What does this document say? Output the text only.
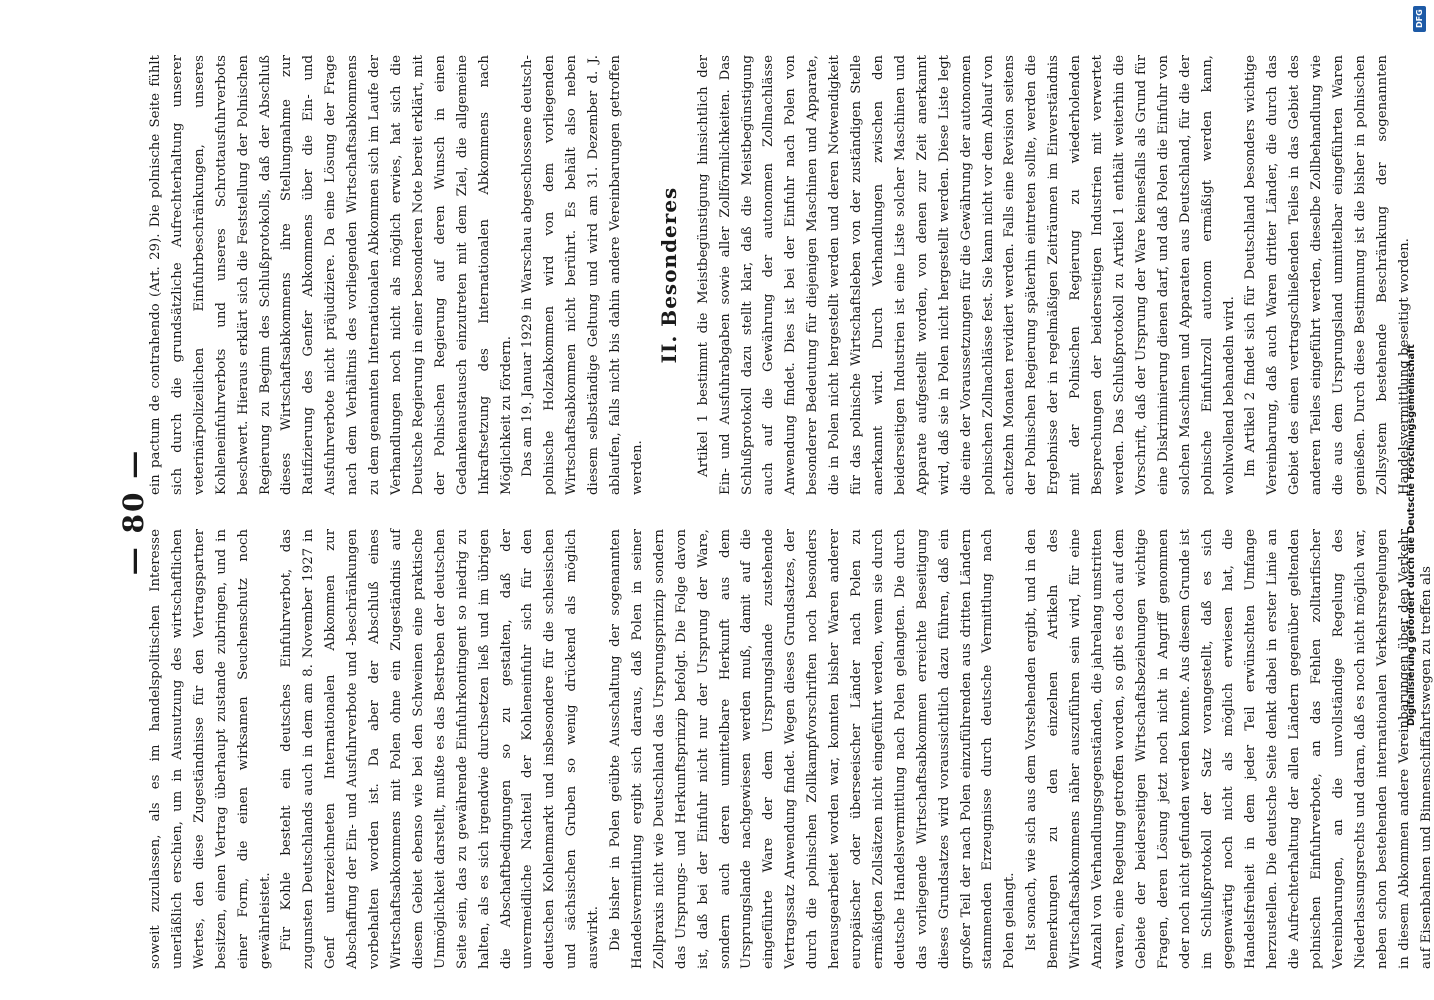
— 80 —

soweit zuzulassen, als es im handelspolitischen Interesse unerläßlich erschien, um in Ausnutzung des wirtschaftlichen Wertes, den diese Zugeständnisse für den Vertragspartner besitzen, einen Vertrag überhaupt zustande zubringen, und in einer Form, die einen wirksamen Seuchenschutz noch gewährleistet. Für Kohle besteht ein deutsches Einfuhrverbot, das zugunsten Deutschlands auch in dem am 8. November 1927 in Genf unterzeichneten Internationalen Abkommen zur Abschaffung der Ein- und Ausfuhrverbote und -beschränkungen vorbehalten worden ist. Da aber der Abschluß eines Wirtschaftsabkommens mit Polen ohne ein Zugeständnis auf diesem Gebiet ebenso wie bei den Schweinen eine praktische Unmöglichkeit darstellt, mußte es das Bestreben der deutschen Seite sein, das zu gewährende Einfuhrkontingent so niedrig zu halten, als es sich irgendwie durchsetzen ließ und im übrigen die Abschaftbedingungen so zu gestalten, daß der unvermeidliche Nachteil der Kohleneinfuhr sich für den deutschen Kohlenmarkt und insbesondere für die schlesischen und sächsischen Gruben so wenig drückend als möglich auswirkt. Die bisher in Polen geübte Ausschaltung der sogenannten Handelsvermittlung ergibt sich daraus, daß Polen in seiner Zollpraxis nicht wie Deutschland das Ursprungsprinzip sondern das Ursprungs- und Herkunftsprinzip befolgt. Die Folge davon ist, daß bei der Einfuhr nicht nur der Ursprung der Ware, sondern auch deren unmittelbare Herkunft aus dem Ursprungslande nachgewiesen werden muß, damit auf die eingeführte Ware der dem Ursprungslande zustehende Vertragssatz Anwendung findet. Wegen dieses Grundsatzes, der durch die polnischen Zollkampfvorschriften noch besonders herausgearbeitet worden war, konnten bisher Waren anderer europäischer oder überseeischer Länder nach Polen zu ermäßigten Zollsätzen nicht eingeführt werden, wenn sie durch deutsche Handelsvermittlung nach Polen gelangten. Die durch das vorliegende Wirtschaftsabkommen erreichte Beseitigung dieses Grundsatzes wird voraussichtlich dazu führen, daß ein großer Teil der nach Polen einzuführenden aus dritten Ländern stammenden Erzeugnisse durch deutsche Vermittlung nach Polen gelangt. Ist sonach, wie sich aus dem Vorstehenden ergibt, und in den Bemerkungen zu den einzelnen Artikeln des Wirtschaftsabkommens näher auszuführen sein wird, für eine Anzahl von Verhandlungsgegenständen, die jahrelang umstritten waren, eine Regelung getroffen worden, so gibt es doch auf dem Gebiete der beiderseitigen Wirtschaftsbeziehungen wichtige Fragen, deren Lösung jetzt noch nicht in Angriff genommen oder noch nicht gefunden werden konnte. Aus diesem Grunde ist im Schlußprotokoll der Satz vorangestellt, daß es sich gegenwärtig noch nicht als möglich erwiesen hat, die Handelsfreiheit in dem jeder Teil erwünschten Umfange herzustellen. Die deutsche Seite denkt dabei in erster Linie an die Aufrechterhaltung der allen Ländern gegenüber geltenden polnischen Einfuhrverbote, an das Fehlen zolltarifischer Vereinbarungen, an die unvollständige Regelung des Niederlassungsrechts und daran, daß es noch nicht möglich war, neben schon bestehenden internationalen Verkehrsregelungen in diesem Abkommen andere Vereinbarungen über den Verkehr auf Eisenbahnen und Binnenschiffahrtswegen zu treffen als

ein pactum de contrahendo (Art. 29). Die polnische Seite fühlt sich durch die grundsätzliche Aufrechterhaltung unserer veterinärpolizeilichen Einfuhrbeschränkungen, unseres Kohleneinfuhrverbots und unseres Schrottausfuhrverbots beschwert. Hieraus erklärt sich die Feststellung der Polnischen Regierung zu Beginn des Schlußprotokolls, daß der Abschluß dieses Wirtschaftsabkommens ihre Stellungnahme zur Ratifizierung des Genfer Abkommens über die Ein- und Ausfuhrverbote nicht präjudiziere. Da eine Lösung der Frage nach dem Verhältnis des vorliegenden Wirtschaftsabkommens zu dem genannten Internationalen Abkommen sich im Laufe der Verhandlungen noch nicht als möglich erwies, hat sich die Deutsche Regierung in einer besonderen Note bereit erklärt, mit der Polnischen Regierung auf deren Wunsch in einen Gedankenaustausch einzutreten mit dem Ziel, die allgemeine Inkraftsetzung des Internationalen Abkommens nach Möglichkeit zu fördern. Das am 19. Januar 1929 in Warschau abgeschlossene deutsch-polnische Holzabkommen wird von dem vorliegenden Wirtschaftsabkommen nicht berührt. Es behält also neben diesem selbständige Geltung und wird am 31. Dezember d. J. ablaufen, falls nicht bis dahin andere Vereinbarungen getroffen werden.

II. Besonderes Artikel 1 bestimmt die Meistbegünstigung hinsichtlich der Ein- und Ausfuhrabgaben sowie aller Zollförmlichkeiten. Das Schlußprotokoll dazu stellt klar, daß die Meistbegünstigung auch auf die Gewährung der autonomen Zollnachlässe Anwendung findet. Dies ist bei der Einfuhr nach Polen von besonderer Bedeutung für diejenigen Maschinen und Apparate, die in Polen nicht hergestellt werden und deren Notwendigkeit für das polnische Wirtschaftsleben von der zuständigen Stelle anerkannt wird. Durch Verhandlungen zwischen den beiderseitigen Industrien ist eine Liste solcher Maschinen und Apparate aufgestellt worden, von denen zur Zeit anerkannt wird, daß sie in Polen nicht hergestellt werden. Diese Liste legt die eine der Voraussetzungen für die Gewährung der autonomen polnischen Zollnachlässe fest. Sie kann nicht vor dem Ablauf von achtzehn Monaten revidiert werden. Falls eine Revision seitens der Polnischen Regierung späterhin eintreten sollte, werden die Ergebnisse der in regelmäßigen Zeiträumen im Einverständnis mit der Polnischen Regierung zu wiederholenden Besprechungen der beiderseitigen Industrien mit verwertet werden. Das Schlußprotokoll zu Artikel 1 enthält weiterhin die Vorschrift, daß der Ursprung der Ware keinesfalls als Grund für eine Diskriminierung dienen darf, und daß Polen die Einfuhr von solchen Maschinen und Apparaten aus Deutschland, für die der polnische Einfuhrzoll autonom ermäßigt werden kann, wohlwollend behandeln wird. Im Artikel 2 findet sich für Deutschland besonders wichtige Vereinbarung, daß auch Waren dritter Länder, die durch das Gebiet des einen vertragschließenden Teiles in das Gebiet des anderen Teiles eingeführt werden, dieselbe Zollbehandlung wie die aus dem Ursprungsland unmittelbar eingeführten Waren genießen. Durch diese Bestimmung ist die bisher in polnischen Zollsystem bestehende Beschränkung der sogenannten Handelsvermittlung beseitigt worden.

Digitalisierung gefördert durch die Deutsche Forschungsgemeinschaft
DFG
